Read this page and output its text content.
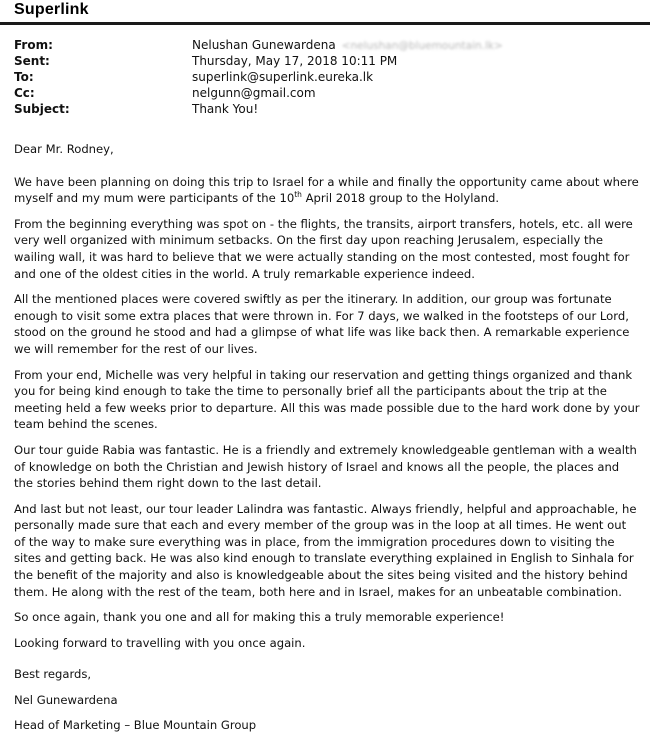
Superlink
From:	Nelushan Gunewardena <nelushan@bluemountain.lk>
Sent:	Thursday, May 17, 2018 10:11 PM
To:	superlink@superlink.eureka.lk
Cc:	nelgunn@gmail.com
Subject:	Thank You!

Dear Mr. Rodney,

We have been planning on doing this trip to Israel for a while and finally the opportunity came about where myself and my mum were participants of the 10th April 2018 group to the Holyland.

From the beginning everything was spot on - the flights, the transits, airport transfers, hotels, etc. all were very well organized with minimum setbacks. On the first day upon reaching Jerusalem, especially the wailing wall, it was hard to believe that we were actually standing on the most contested, most fought for and one of the oldest cities in the world. A truly remarkable experience indeed.

All the mentioned places were covered swiftly as per the itinerary. In addition, our group was fortunate enough to visit some extra places that were thrown in. For 7 days, we walked in the footsteps of our Lord, stood on the ground he stood and had a glimpse of what life was like back then. A remarkable experience we will remember for the rest of our lives.

From your end, Michelle was very helpful in taking our reservation and getting things organized and thank you for being kind enough to take the time to personally brief all the participants about the trip at the meeting held a few weeks prior to departure. All this was made possible due to the hard work done by your team behind the scenes.

Our tour guide Rabia was fantastic. He is a friendly and extremely knowledgeable gentleman with a wealth of knowledge on both the Christian and Jewish history of Israel and knows all the people, the places and the stories behind them right down to the last detail.

And last but not least, our tour leader Lalindra was fantastic. Always friendly, helpful and approachable, he personally made sure that each and every member of the group was in the loop at all times. He went out of the way to make sure everything was in place, from the immigration procedures down to visiting the sites and getting back. He was also kind enough to translate everything explained in English to Sinhala for the benefit of the majority and also is knowledgeable about the sites being visited and the history behind them. He along with the rest of the team, both here and in Israel, makes for an unbeatable combination.

So once again, thank you one and all for making this a truly memorable experience!

Looking forward to travelling with you once again.

Best regards,
Nel Gunewardena
Head of Marketing – Blue Mountain Group
